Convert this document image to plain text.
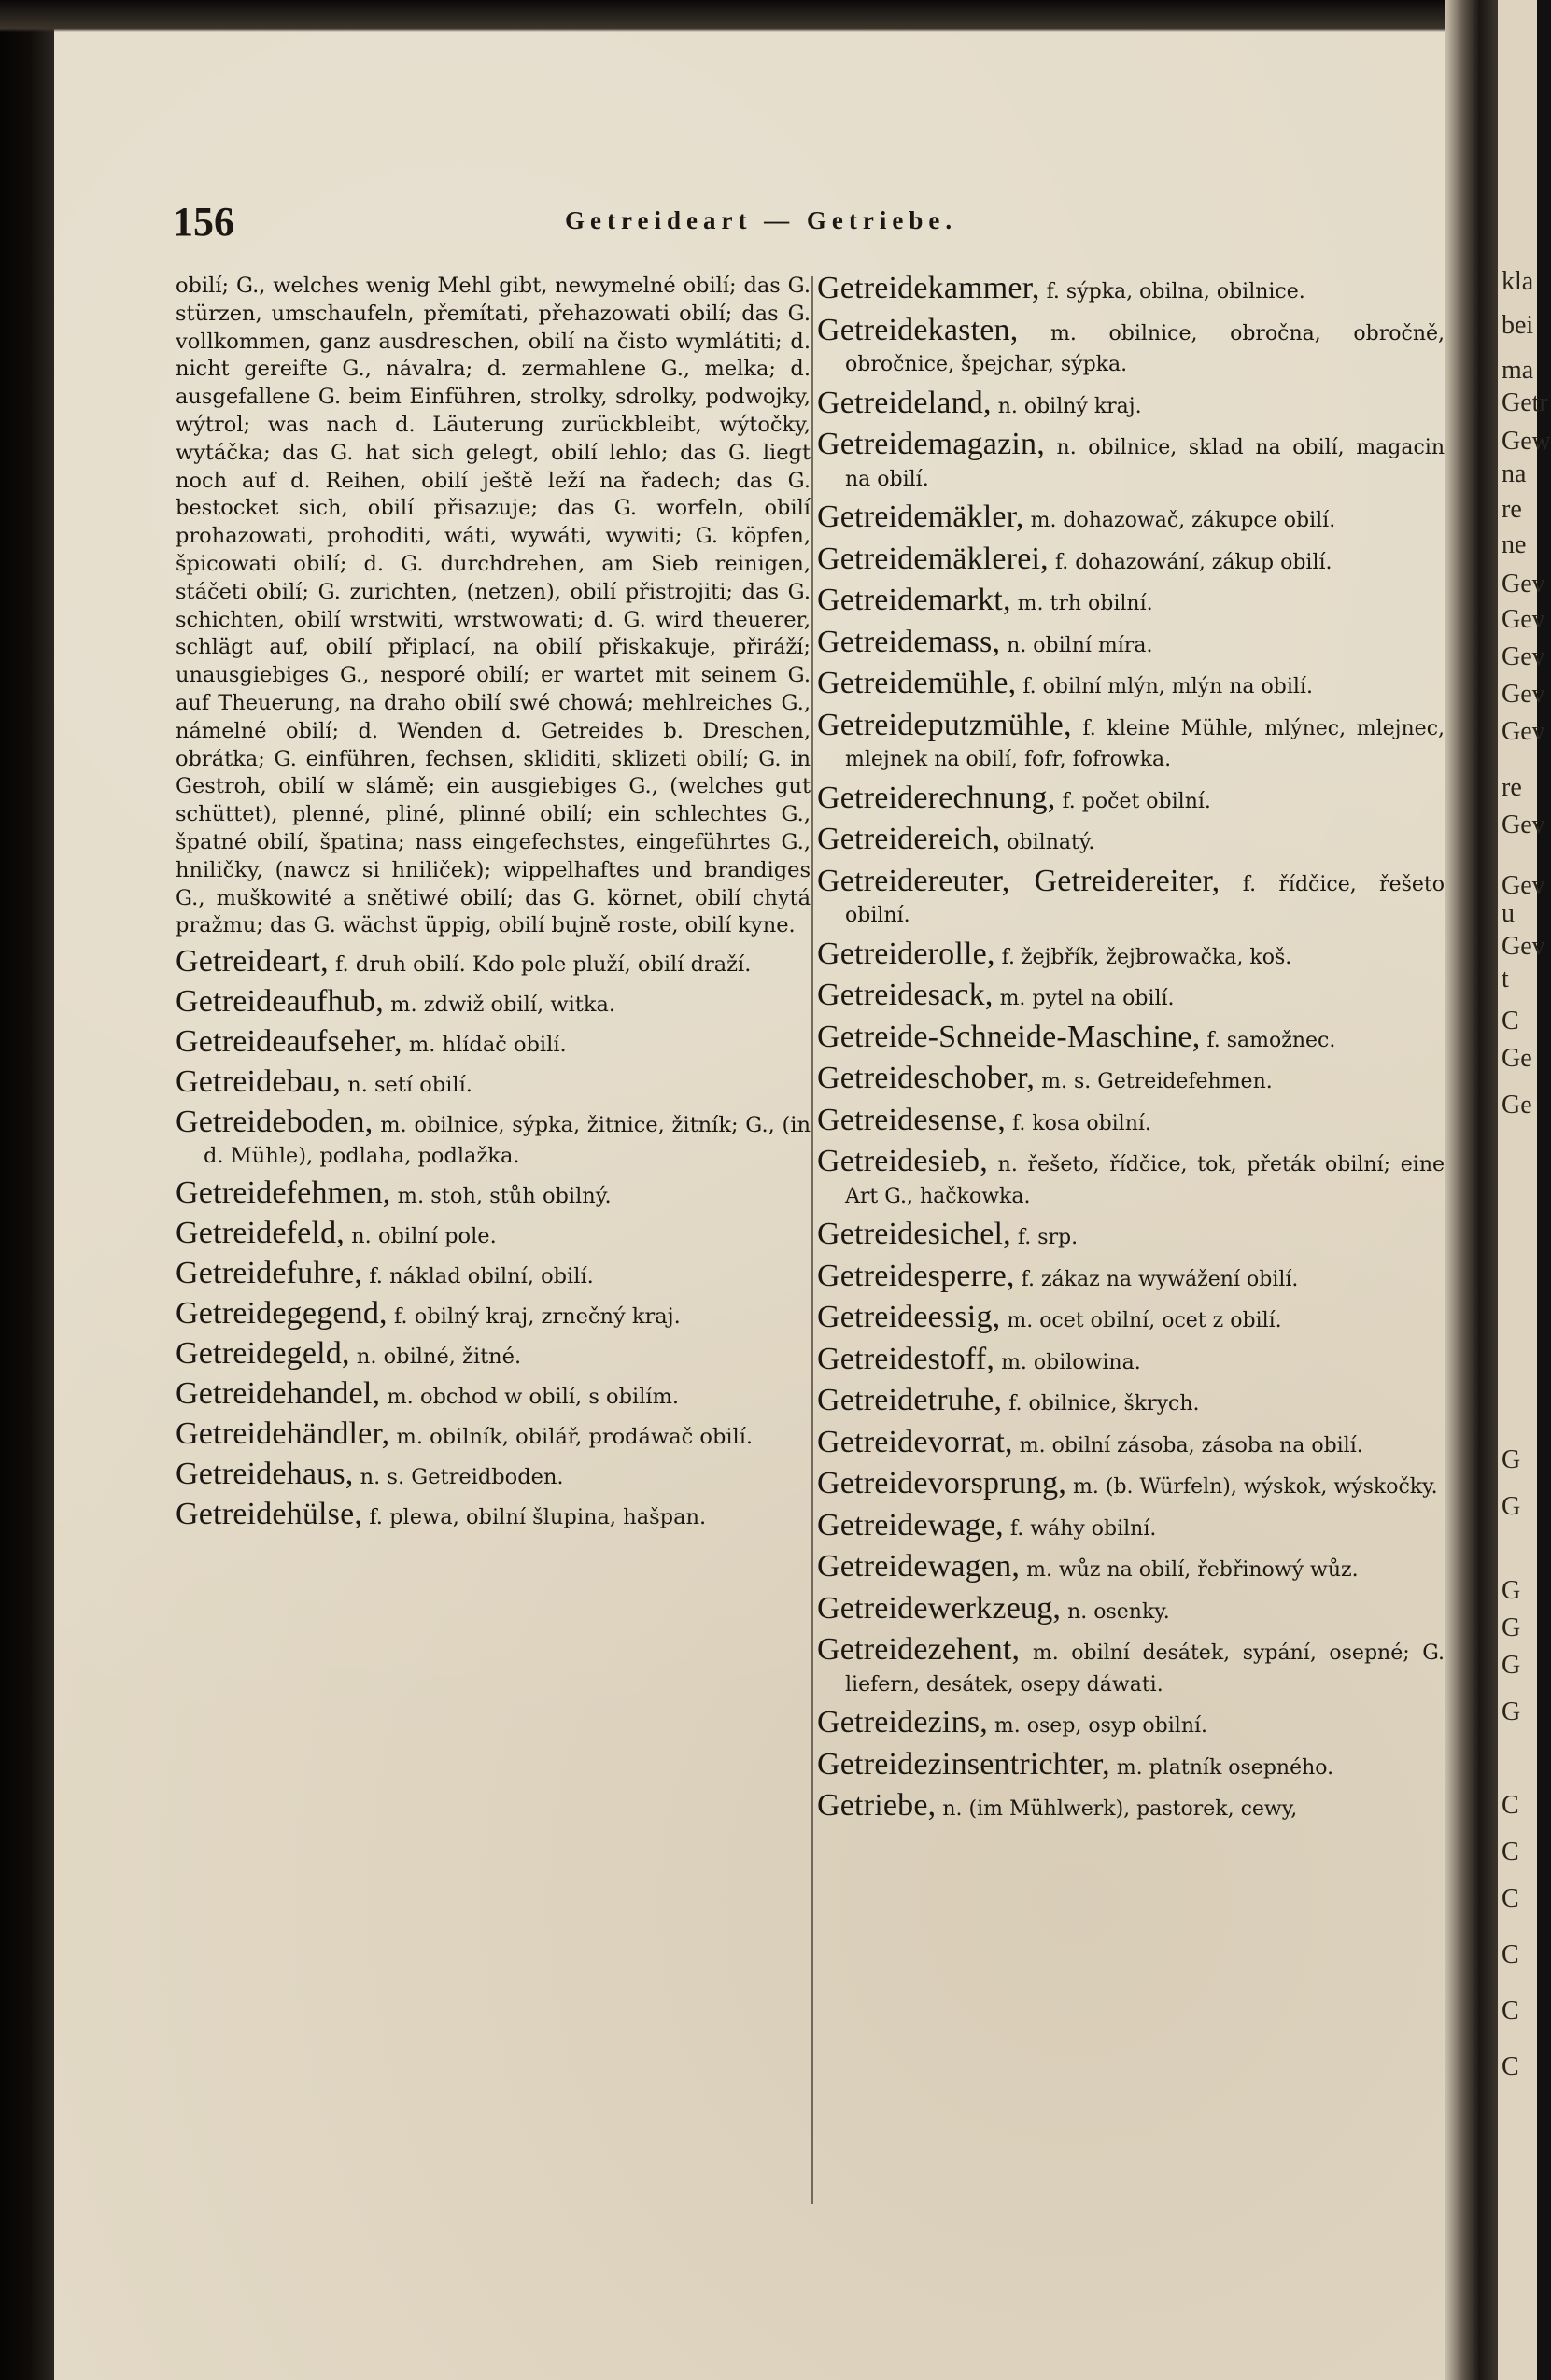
156	Getreideart — Getriebe.

obilí; G., welches wenig Mehl gibt, newymelné obilí; das G. stürzen, umschaufeln, přemítati, přehazowati obilí; das G. vollkommen, ganz ausdreschen, obilí na čisto wymlátiti; d. nicht gereifte G., návalra; d. zermahlene G., melka; d. ausgefallene G. beim Einführen, strolky, sdrolky, podwojky, wýtrol; was nach d. Läuterung zurückbleibt, wýtočky, wytáčka; das G. hat sich gelegt, obilí lehlo; das G. liegt noch auf d. Reihen, obilí ještě leží na řadech; das G. bestocket sich, obilí přisazuje; das G. worfeln, obilí prohazowati, prohoditi, wáti, wywáti, wywiti; G. köpfen, špicowati obilí; d. G. durchdrehen, am Sieb reinigen, stáčeti obilí; G. zurichten, (netzen), obilí přistrojiti; das G. schichten, obilí wrstwiti, wrstwowati; d. G. wird theuerer, schlägt auf, obilí připlací, na obilí přiskakuje, přiráží; unausgiebiges G., nesporé obilí; er wartet mit seinem G. auf Theuerung, na draho obilí swé chowá; mehlreiches G., námelné obilí; d. Wenden d. Getreides b. Dreschen, obrátka; G. einführen, fechsen, skliditi, sklizeti obilí; G. in Gestroh, obilí w slámě; ein ausgiebiges G., (welches gut schüttet), plenné, pliné, plinné obilí; ein schlechtes G., špatné obilí, špatina; nass eingefechstes, eingeführtes G., hniličky, (nawcz si hniliček); wippelhaftes und brandiges G., muškowité a snětiwé obilí; das G. körnet, obilí chytá pražmu; das G. wächst üppig, obilí bujně roste, obilí kyne.

Getreideart, f. druh obilí. Kdo pole pluží, obilí draží.

Getreideaufhub, m. zdwiž obilí, witka.

Getreideaufseher, m. hlídač obilí.

Getreidebau, n. setí obilí.

Getreideboden, m. obilnice, sýpka, žitnice, žitník; G., (in d. Mühle), podlaha, podlažka.

Getreidefehmen, m. stoh, stůh obilný.

Getreidefeld, n. obilní pole.

Getreidefuhre, f. náklad obilní, obilí.

Getreidegegend, f. obilný kraj, zrnečný kraj.

Getreidegeld, n. obilné, žitné.

Getreidehandel, m. obchod w obilí, s obilím.

Getreidehändler, m. obilník, obilář, prodáwač obilí.

Getreidehaus, n. s. Getreidboden.

Getreidehülse, f. plewa, obilní šlupina, hašpan.

Getreidekammer, f. sýpka, obilna, obilnice.

Getreidekasten, m. obilnice, obročna, obročně, obročnice, špejchar, sýpka.

Getreideland, n. obilný kraj.

Getreidemagazin, n. obilnice, sklad na obilí, magacin na obilí.

Getreidemäkler, m. dohazowač, zákupce obilí.

Getreidemäklerei, f. dohazowání, zákup obilí.

Getreidemarkt, m. trh obilní.

Getreidemass, n. obilní míra.

Getreidemühle, f. obilní mlýn, mlýn na obilí.

Getreideputzmühle, f. kleine Mühle, mlýnec, mlejnec, mlejnek na obilí, fofr, fofrowka.

Getreiderechnung, f. počet obilní.

Getreidereich, obilnatý.

Getreidereuter, Getreidereiter, f. řídčice, řešeto obilní.

Getreiderolle, f. žejbřík, žejbrowačka, koš.

Getreidesack, m. pytel na obilí.

Getreide-Schneide-Maschine, f. samožnec.

Getreideschober, m. s. Getreidefehmen.

Getreidesense, f. kosa obilní.

Getreidesieb, n. řešeto, řídčice, tok, přeták obilní; eine Art G., hačkowka.

Getreidesichel, f. srp.

Getreidesperre, f. zákaz na wywážení obilí.

Getreideessig, m. ocet obilní, ocet z obilí.

Getreidestoff, m. obilowina.

Getreidetruhe, f. obilnice, škrych.

Getreidevorrat, m. obilní zásoba, zásoba na obilí.

Getreidevorsprung, m. (b. Würfeln), wýskok, wýskočky.

Getreidewage, f. wáhy obilní.

Getreidewagen, m. wůz na obilí, řebřinowý wůz.

Getreidewerkzeug, n. osenky.

Getreidezehent, m. obilní desátek, sypání, osepné; G. liefern, desátek, osepy dáwati.

Getreidezins, m. osep, osyp obilní.

Getreidezinsentrichter, m. platník osepného.

Getriebe, n. (im Mühlwerk), pastorek, cewy,

kla
bei
ma
Getr
Gew
na
re
ne
Gev
Gev
Gev
Gev
Gev
re
Gev
Gev
u
Gev
t
C
Ge
Ge
G
G
G
G
G
G
C
C
C
C
C
C
